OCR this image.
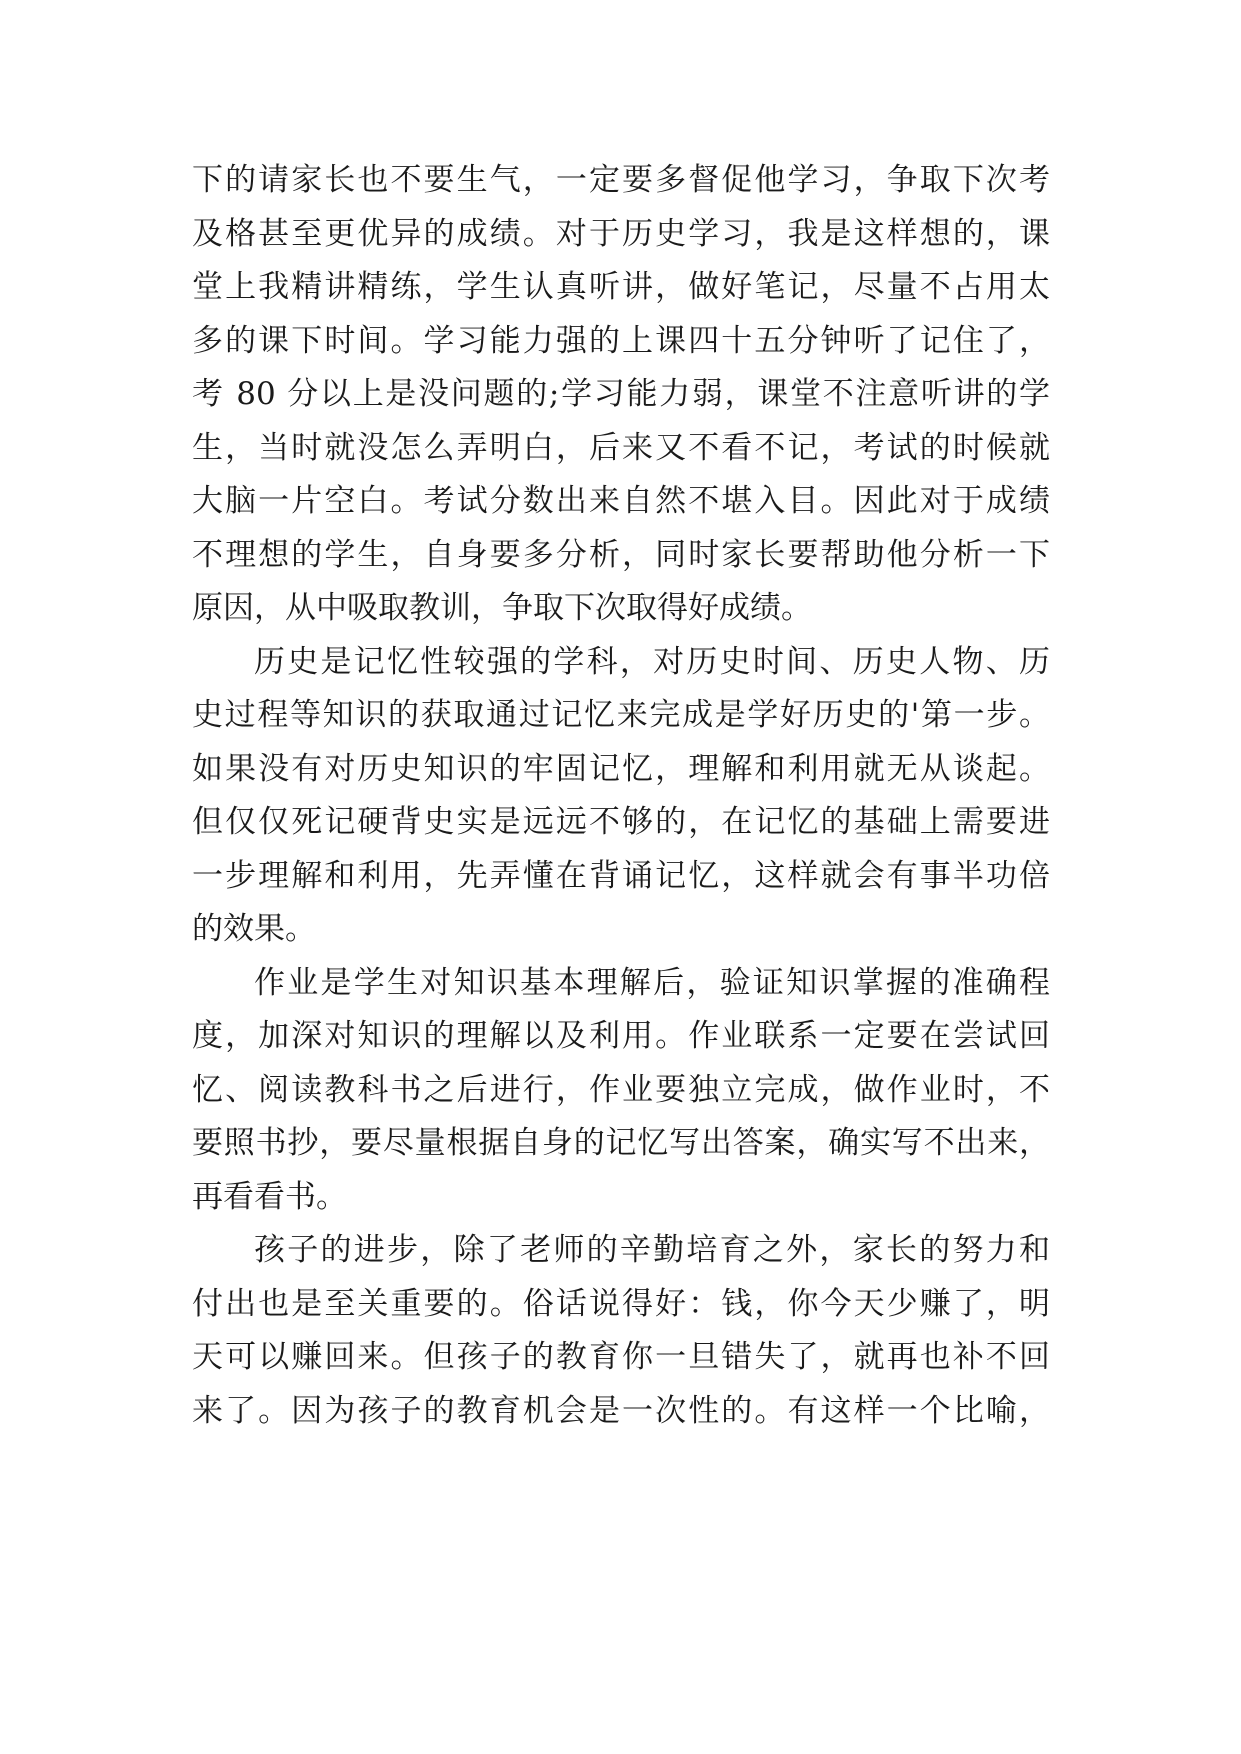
下的请家长也不要生气，一定要多督促他学习，争取下次考
及格甚至更优异的成绩。对于历史学习，我是这样想的，课
堂上我精讲精练，学生认真听讲，做好笔记，尽量不占用太
多的课下时间。学习能力强的上课四十五分钟听了记住了，
考 80 分以上是没问题的;学习能力弱，课堂不注意听讲的学
生，当时就没怎么弄明白，后来又不看不记，考试的时候就
大脑一片空白。考试分数出来自然不堪入目。因此对于成绩
不理想的学生，自身要多分析，同时家长要帮助他分析一下
原因，从中吸取教训，争取下次取得好成绩。
历史是记忆性较强的学科，对历史时间、历史人物、历
史过程等知识的获取通过记忆来完成是学好历史的'第一步。
如果没有对历史知识的牢固记忆，理解和利用就无从谈起。
但仅仅死记硬背史实是远远不够的，在记忆的基础上需要进
一步理解和利用，先弄懂在背诵记忆，这样就会有事半功倍
的效果。
作业是学生对知识基本理解后，验证知识掌握的准确程
度，加深对知识的理解以及利用。作业联系一定要在尝试回
忆、阅读教科书之后进行，作业要独立完成，做作业时，不
要照书抄，要尽量根据自身的记忆写出答案，确实写不出来，
再看看书。
孩子的进步，除了老师的辛勤培育之外，家长的努力和
付出也是至关重要的。俗话说得好：钱，你今天少赚了，明
天可以赚回来。但孩子的教育你一旦错失了，就再也补不回
来了。因为孩子的教育机会是一次性的。有这样一个比喻，
